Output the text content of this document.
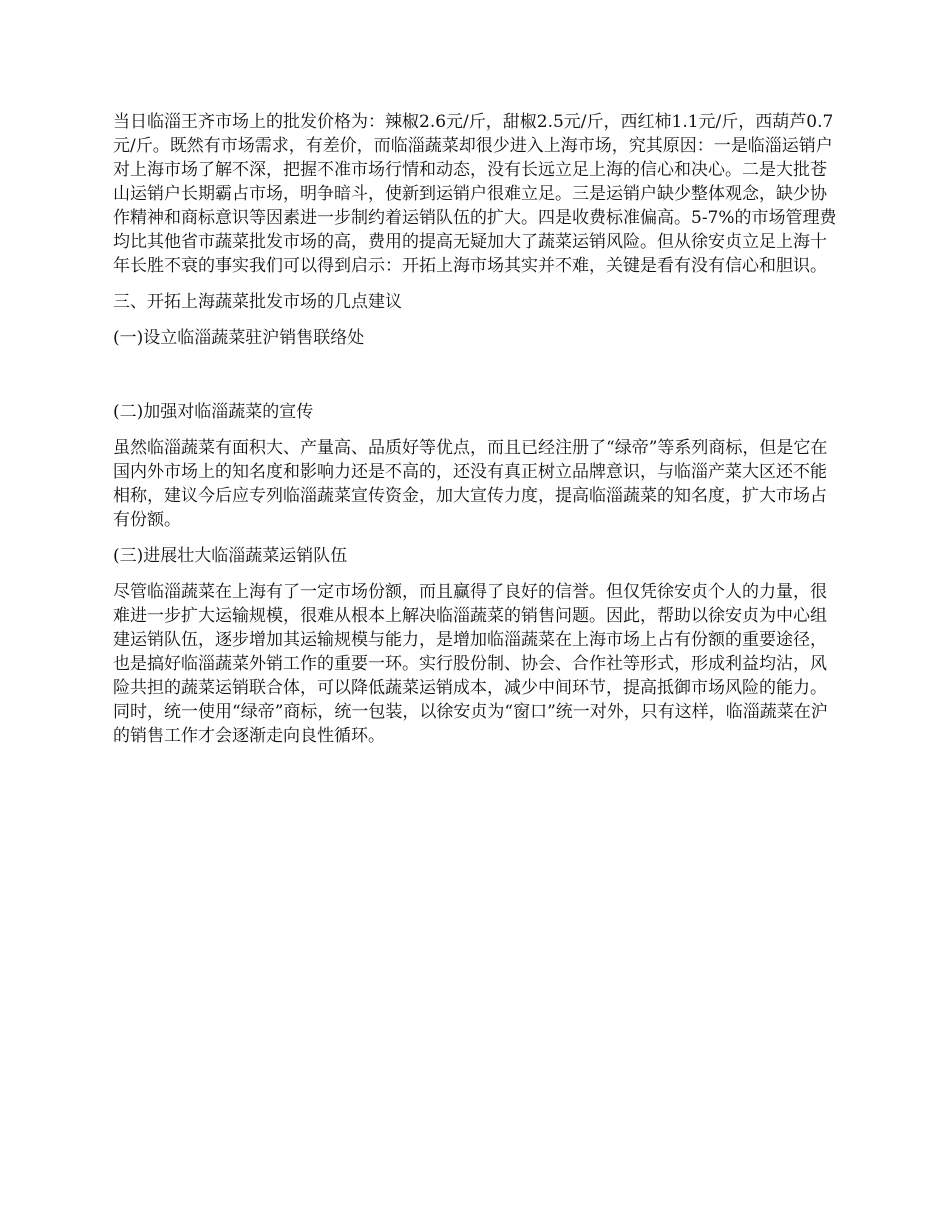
当日临淄王齐市场上的批发价格为：辣椒2.6元/斤，甜椒2.5元/斤，西红柿1.1元/斤，西葫芦0.7元/斤。既然有市场需求，有差价，而临淄蔬菜却很少进入上海市场，究其原因：一是临淄运销户对上海市场了解不深，把握不准市场行情和动态，没有长远立足上海的信心和决心。二是大批苍山运销户长期霸占市场，明争暗斗，使新到运销户很难立足。三是运销户缺少整体观念，缺少协作精神和商标意识等因素进一步制约着运销队伍的扩大。四是收费标准偏高。5-7%的市场管理费均比其他省市蔬菜批发市场的高，费用的提高无疑加大了蔬菜运销风险。但从徐安贞立足上海十年长胜不衰的事实我们可以得到启示：开拓上海市场其实并不难，关键是看有没有信心和胆识。

三、开拓上海蔬菜批发市场的几点建议

(一)设立临淄蔬菜驻沪销售联络处

(二)加强对临淄蔬菜的宣传

虽然临淄蔬菜有面积大、产量高、品质好等优点，而且已经注册了“绿帝”等系列商标，但是它在国内外市场上的知名度和影响力还是不高的，还没有真正树立品牌意识，与临淄产菜大区还不能相称，建议今后应专列临淄蔬菜宣传资金，加大宣传力度，提高临淄蔬菜的知名度，扩大市场占有份额。

(三)进展壮大临淄蔬菜运销队伍

尽管临淄蔬菜在上海有了一定市场份额，而且赢得了良好的信誉。但仅凭徐安贞个人的力量，很难进一步扩大运输规模，很难从根本上解决临淄蔬菜的销售问题。因此，帮助以徐安贞为中心组建运销队伍，逐步增加其运输规模与能力，是增加临淄蔬菜在上海市场上占有份额的重要途径，也是搞好临淄蔬菜外销工作的重要一环。实行股份制、协会、合作社等形式，形成利益均沾，风险共担的蔬菜运销联合体，可以降低蔬菜运销成本，减少中间环节，提高抵御市场风险的能力。同时，统一使用“绿帝”商标，统一包装，以徐安贞为“窗口”统一对外，只有这样，临淄蔬菜在沪的销售工作才会逐渐走向良性循环。
